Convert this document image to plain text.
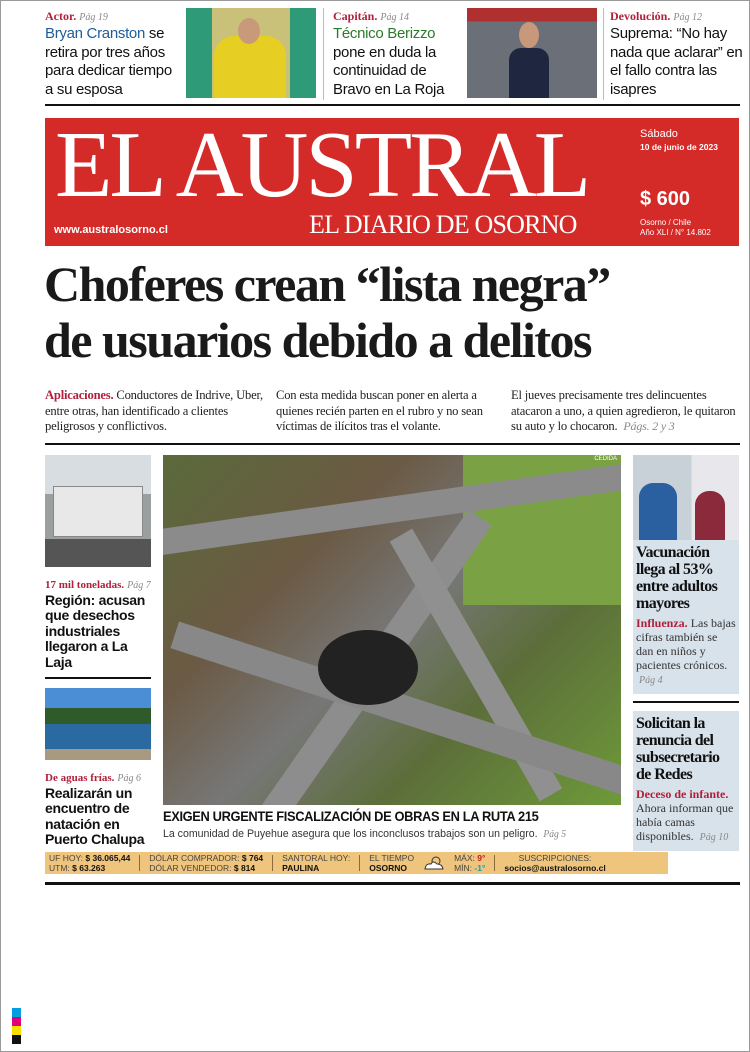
Actor. Pág 19
Bryan Cranston se retira por tres años para dedicar tiempo a su esposa
Capitán. Pág 14
Técnico Berizzo pone en duda la continuidad de Bravo en La Roja
Devolución. Pág 12
Suprema: “No hay nada que aclarar” en el fallo contra las isapres
EL AUSTRAL
EL DIARIO DE OSORNO
www.australosorno.cl
Sábado
10 de junio de 2023
$ 600
Osorno / Chile
Año XLI / N° 14.802
Choferes crean “lista negra”
de usuarios debido a delitos
Aplicaciones. Conductores de Indrive, Uber, entre otras, han identificado a clientes peligrosos y conflictivos.
Con esta medida buscan poner en alerta a quienes recién parten en el rubro y no sean víctimas de ilícitos tras el volante.
El jueves precisamente tres delincuentes atacaron a uno, a quien agredieron, le quitaron su auto y lo chocaron. Págs. 2 y 3
17 mil toneladas. Pág 7
Región: acusan que desechos industriales llegaron a La Laja
De aguas frías. Pág 6
Realizarán un encuentro de natación en Puerto Chalupa
CEDIDA
EXIGEN URGENTE FISCALIZACIÓN DE OBRAS EN LA RUTA 215
La comunidad de Puyehue asegura que los inconclusos trabajos son un peligro. Pág 5
Vacunación llega al 53% entre adultos mayores
Influenza. Las bajas cifras también se dan en niños y pacientes crónicos. Pág 4
Solicitan la renuncia del subsecretario de Redes
Deceso de infante. Ahora informan que había camas disponibles. Pág 10
UF HOY: $ 36.065,44
UTM: $ 63.263
DÓLAR COMPRADOR: $ 764
DÓLAR VENDEDOR: $ 814
SANTORAL HOY:
PAULINA
EL TIEMPO
OSORNO
MÁX: 9°
MÍN: -1°
SUSCRIPCIONES:
socios@australosorno.cl
